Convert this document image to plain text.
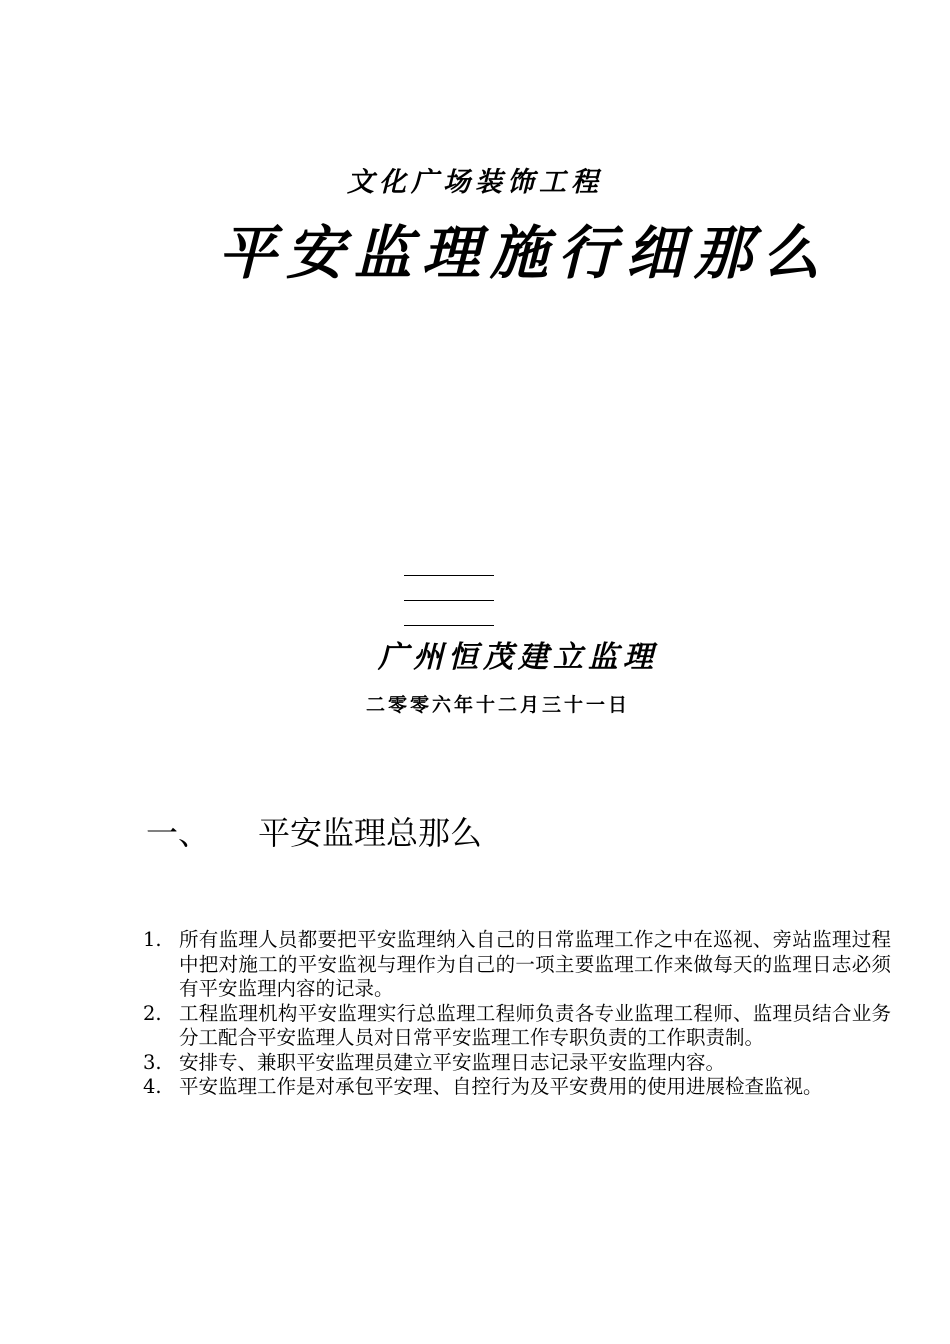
文化广场装饰工程
平安监理施行细那么
广州恒茂建立监理
二零零六年十二月三十一日
一、 平安监理总那么
1. 所有监理人员都要把平安监理纳入自己的日常监理工作之中在巡视、旁站监理过程中把对施工的平安监视与理作为自己的一项主要监理工作来做每天的监理日志必须有平安监理内容的记录。
2. 工程监理机构平安监理实行总监理工程师负责各专业监理工程师、监理员结合业务分工配合平安监理人员对日常平安监理工作专职负责的工作职责制。
3. 安排专、兼职平安监理员建立平安监理日志记录平安监理内容。
4. 平安监理工作是对承包平安理、自控行为及平安费用的使用进展检查监视。
